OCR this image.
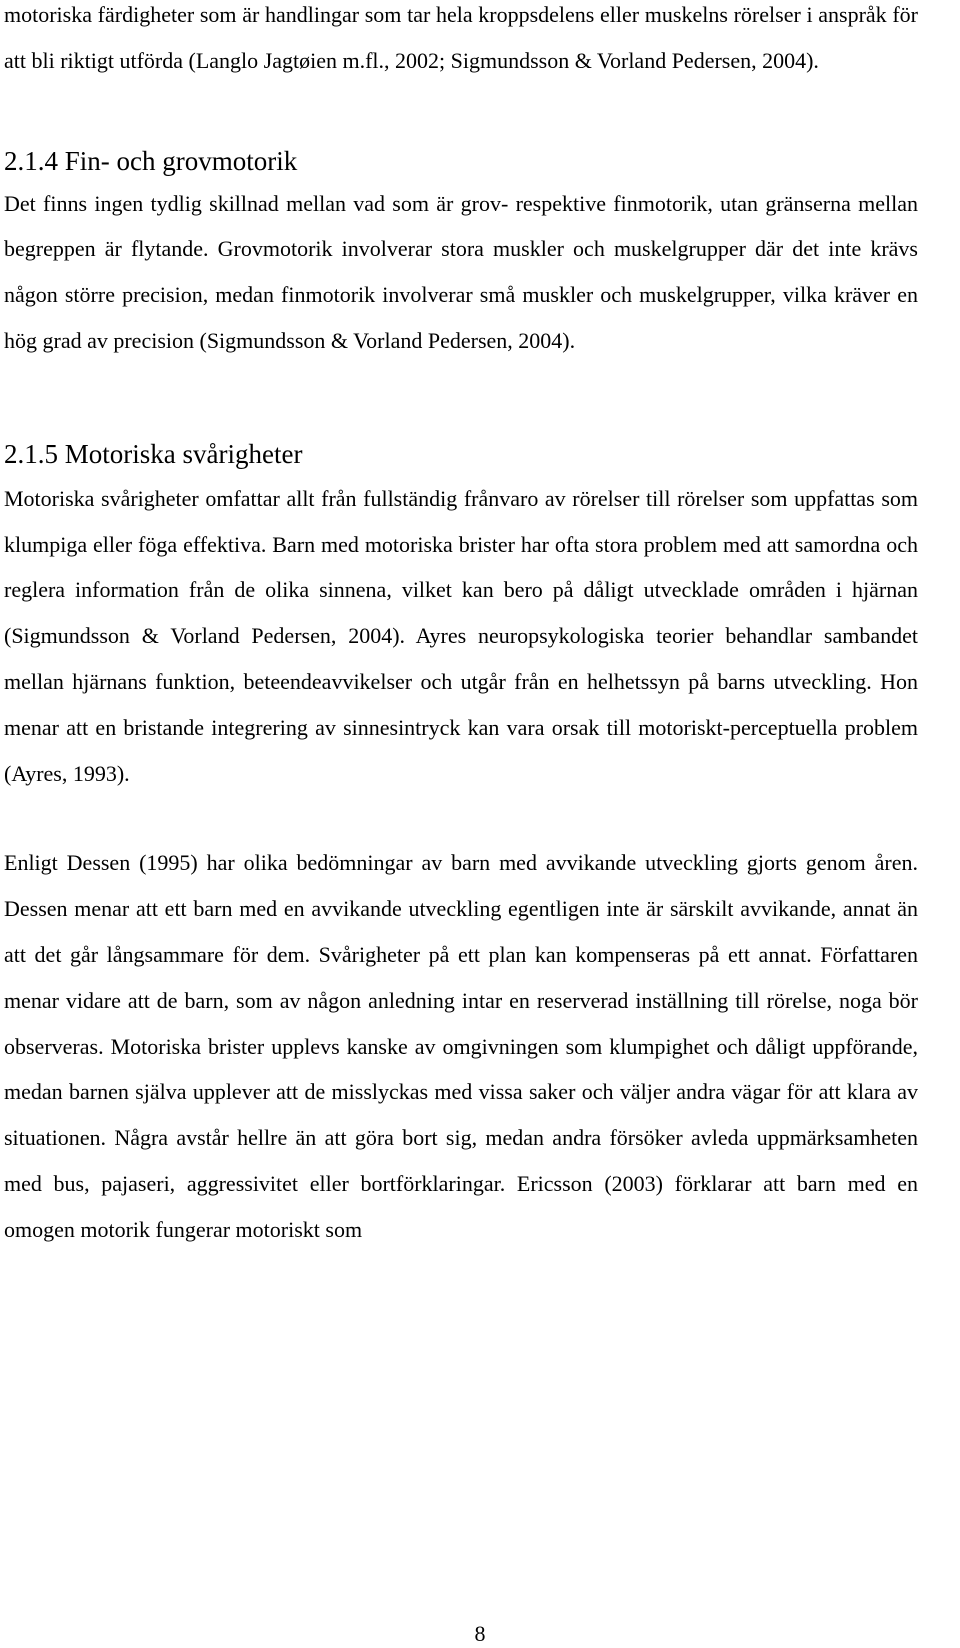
motoriska färdigheter som är handlingar som tar hela kroppsdelens eller muskelns rörelser i anspråk för att bli riktigt utförda (Langlo Jagtøien m.fl., 2002; Sigmundsson & Vorland Pedersen, 2004).

2.1.4 Fin- och grovmotorik

Det finns ingen tydlig skillnad mellan vad som är grov- respektive finmotorik, utan gränserna mellan begreppen är flytande. Grovmotorik involverar stora muskler och muskelgrupper där det inte krävs någon större precision, medan finmotorik involverar små muskler och muskelgrupper, vilka kräver en hög grad av precision (Sigmundsson & Vorland Pedersen, 2004).

2.1.5 Motoriska svårigheter

Motoriska svårigheter omfattar allt från fullständig frånvaro av rörelser till rörelser som uppfattas som klumpiga eller föga effektiva. Barn med motoriska brister har ofta stora problem med att samordna och reglera information från de olika sinnena, vilket kan bero på dåligt utvecklade områden i hjärnan (Sigmundsson & Vorland Pedersen, 2004). Ayres neuropsykologiska teorier behandlar sambandet mellan hjärnans funktion, beteendeavvikelser och utgår från en helhetssyn på barns utveckling. Hon menar att en bristande integrering av sinnesintryck kan vara orsak till motoriskt-perceptuella problem (Ayres, 1993).

Enligt Dessen (1995) har olika bedömningar av barn med avvikande utveckling gjorts genom åren. Dessen menar att ett barn med en avvikande utveckling egentligen inte är särskilt avvikande, annat än att det går långsammare för dem. Svårigheter på ett plan kan kompenseras på ett annat. Författaren menar vidare att de barn, som av någon anledning intar en reserverad inställning till rörelse, noga bör observeras. Motoriska brister upplevs kanske av omgivningen som klumpighet och dåligt uppförande, medan barnen själva upplever att de misslyckas med vissa saker och väljer andra vägar för att klara av situationen. Några avstår hellre än att göra bort sig, medan andra försöker avleda uppmärksamheten med bus, pajaseri, aggressivitet eller bortförklaringar. Ericsson (2003) förklarar att barn med en omogen motorik fungerar motoriskt som

8
